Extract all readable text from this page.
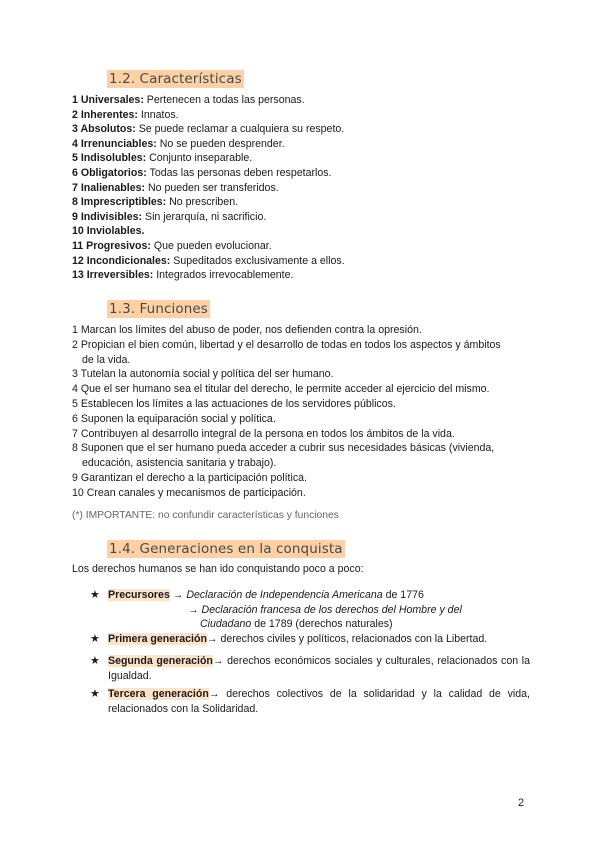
1.2. Características
1 Universales: Pertenecen a todas las personas.
2 Inherentes: Innatos.
3 Absolutos: Se puede reclamar a cualquiera su respeto.
4 Irrenunciables: No se pueden desprender.
5 Indisolubles: Conjunto inseparable.
6 Obligatorios: Todas las personas deben respetarlos.
7 Inalienables: No pueden ser transferidos.
8 Imprescriptibles: No prescriben.
9 Indivisibles: Sin jerarquía, ni sacrificio.
10 Inviolables.
11 Progresivos: Que pueden evolucionar.
12 Incondicionales: Supeditados exclusivamente a ellos.
13 Irreversibles: Integrados irrevocablemente.
1.3. Funciones
1 Marcan los límites del abuso de poder, nos defienden contra la opresión.
2 Propician el bien común, libertad y el desarrollo de todas en todos los aspectos y ámbitos
de la vida.
3 Tutelan la autonomía social y política del ser humano.
4 Que el ser humano sea el titular del derecho, le permite acceder al ejercicio del mismo.
5 Establecen los límites a las actuaciones de los servidores públicos.
6 Suponen la equiparación social y política.
7 Contribuyen al desarrollo integral de la persona en todos los ámbitos de la vida.
8 Suponen que el ser humano pueda acceder a cubrir sus necesidades básicas (vivienda,
educación, asistencia sanitaria y trabajo).
9 Garantizan el derecho a la participación política.
10 Crean canales y mecanismos de participación.
(*) IMPORTANTE: no confundir características y funciones
1.4. Generaciones en la conquista
Los derechos humanos se han ido conquistando poco a poco:
★ Precursores → Declaración de Independencia Americana de 1776
→ Declaración francesa de los derechos del Hombre y del
Ciudadano de 1789 (derechos naturales)
★ Primera generación→ derechos civiles y políticos, relacionados con la Libertad.
★ Segunda generación→ derechos económicos sociales y culturales, relacionados con la Igualdad.
★ Tercera generación→ derechos colectivos de la solidaridad y la calidad de vida, relacionados con la Solidaridad.
2
